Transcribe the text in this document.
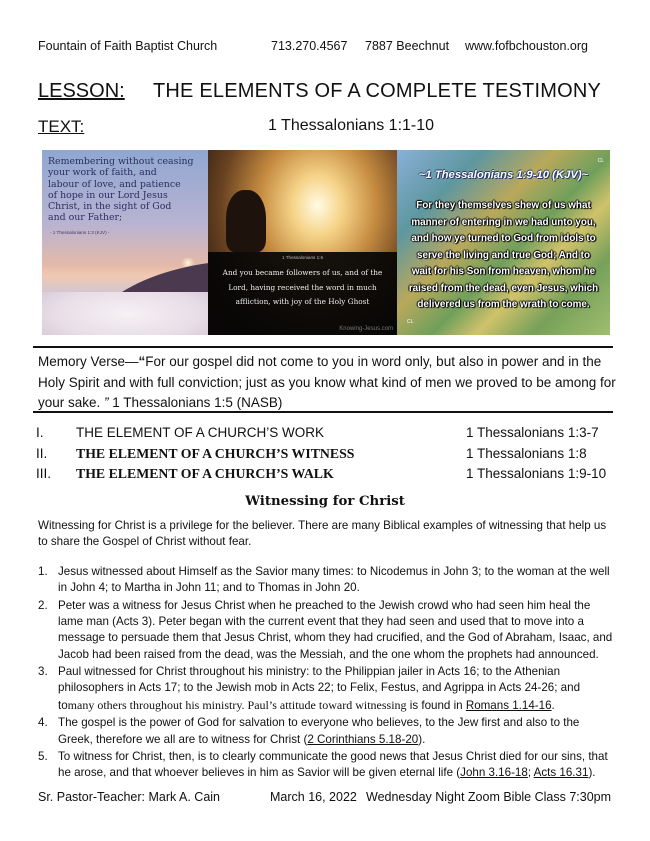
Fountain of Faith Baptist Church	713.270.4567 7887 Beechnut www.fofbchouston.org
LESSON: THE ELEMENTS OF A COMPLETE TESTIMONY
TEXT:	1 Thessalonians 1:1-10
Remembering without ceasing
your work of faith, and
labour of love, and patience
of hope in our Lord Jesus
Christ, in the sight of God
and our Father;
- 1 Thessalonians 1:3 (KJV) -
1 Thessalonians 1:6
And you became followers of us, and of the
Lord, having received the word in much
affliction, with joy of the Holy Ghost
Knowing-Jesus.com
CL
~1 Thessalonians 1:9-10 (KJV)~
For they themselves shew of us what
manner of entering in we had unto you,
and how ye turned to God from idols to
serve the living and true God; And to
wait for his Son from heaven, whom he
raised from the dead, even Jesus, which
delivered us from the wrath to come.
CL
Memory Verse—“For our gospel did not come to you in word only, but also in power and in the Holy Spirit and with full conviction; just as you know what kind of men we proved to be among for your sake. ” 1 Thessalonians 1:5 (NASB)
I. THE ELEMENT OF A CHURCH’S WORK	1 Thessalonians 1:3-7
II. THE ELEMENT OF A CHURCH’S WITNESS	1 Thessalonians 1:8
III. THE ELEMENT OF A CHURCH’S WALK	1 Thessalonians 1:9-10
Witnessing for Christ
Witnessing for Christ is a privilege for the believer. There are many Biblical examples of witnessing that help us to share the Gospel of Christ without fear.
1. Jesus witnessed about Himself as the Savior many times: to Nicodemus in John 3; to the woman at the well in John 4; to Martha in John 11; and to Thomas in John 20.
2. Peter was a witness for Jesus Christ when he preached to the Jewish crowd who had seen him heal the lame man (Acts 3). Peter began with the current event that they had seen and used that to move into a message to persuade them that Jesus Christ, whom they had crucified, and the God of Abraham, Isaac, and Jacob had been raised from the dead, was the Messiah, and the one whom the prophets had announced.
3. Paul witnessed for Christ throughout his ministry: to the Philippian jailer in Acts 16; to the Athenian philosophers in Acts 17; to the Jewish mob in Acts 22; to Felix, Festus, and Agrippa in Acts 24-26; and tomany others throughout his ministry. Paul’s attitude toward witnessing is found in Romans 1.14-16.
4. The gospel is the power of God for salvation to everyone who believes, to the Jew first and also to the Greek, therefore we all are to witness for Christ (2 Corinthians 5.18-20).
5. To witness for Christ, then, is to clearly communicate the good news that Jesus Christ died for our sins, that he arose, and that whoever believes in him as Savior will be given eternal life (John 3.16-18; Acts 16.31).
Sr. Pastor-Teacher: Mark A. Cain	March 16, 2022 Wednesday Night Zoom Bible Class 7:30pm
